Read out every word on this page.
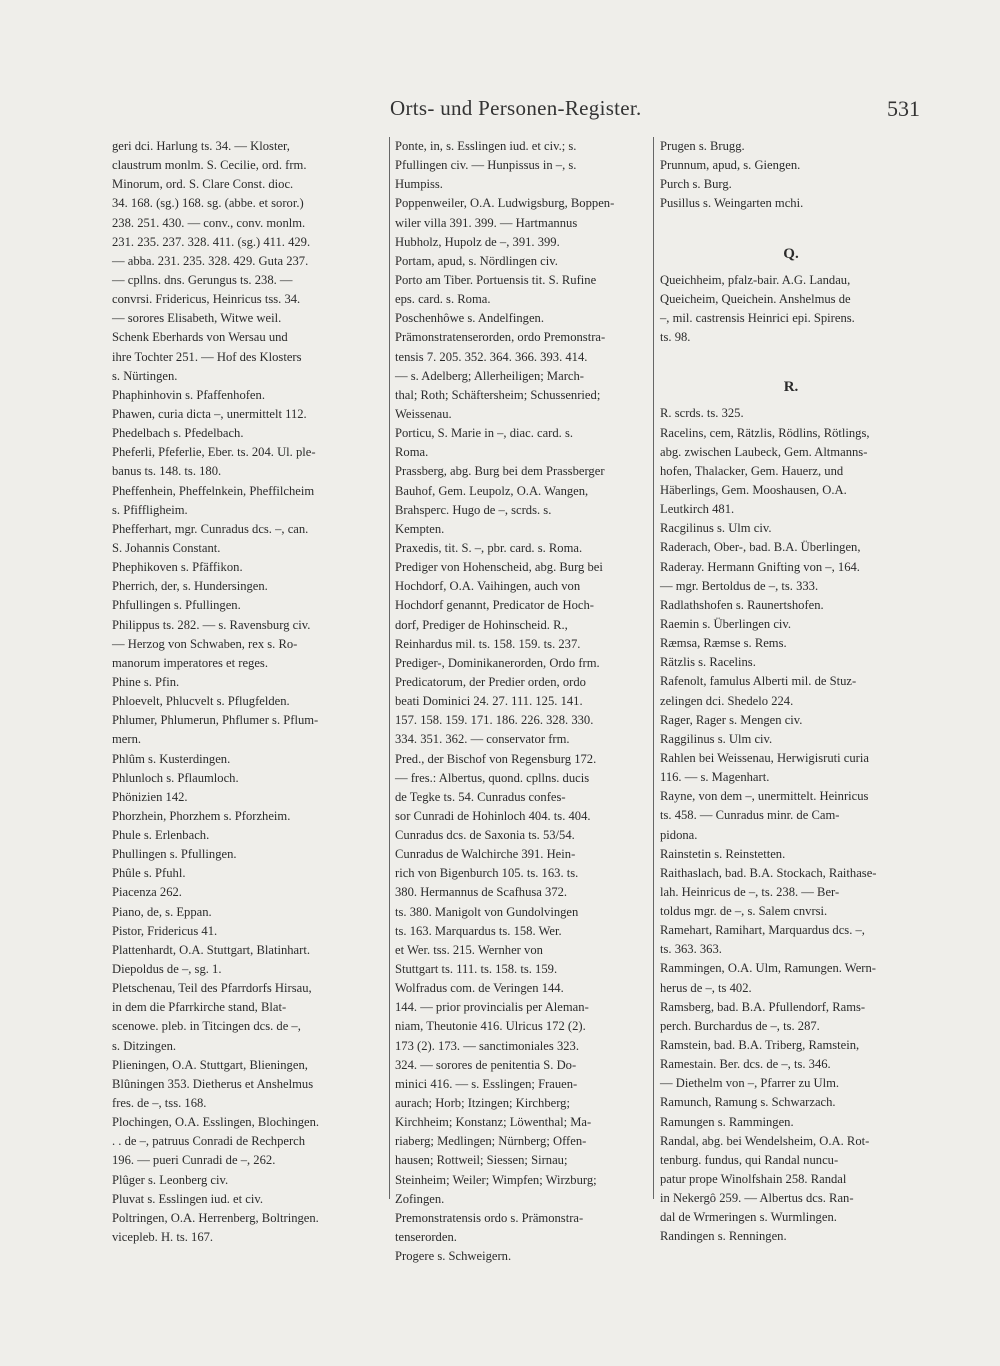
Orts- und Personen-Register.	531
geri dci. Harlung ts. 34. — Kloster,
claustrum monlm. S. Cecilie, ord. frm.
Minorum, ord. S. Clare Const. dioc.
34. 168. (sg.) 168. sg. (abbe. et soror.)
238. 251. 430. — conv., conv. monlm.
231. 235. 237. 328. 411. (sg.) 411. 429.
— abba. 231. 235. 328. 429. Guta 237.
— cpllns. dns. Gerungus ts. 238. —
convrsi. Fridericus, Heinricus tss. 34.
— sorores Elisabeth, Witwe weil.
Schenk Eberhards von Wersau und
ihre Tochter 251. — Hof des Klosters
s. Nürtingen.
Phaphinhovin s. Pfaffenhofen.
Phawen, curia dicta –, unermittelt 112.
Phedelbach s. Pfedelbach.
Pheferli, Pfeferlie, Eber. ts. 204. Ul. ple-
banus ts. 148. ts. 180.
Pheffenhein, Pheffelnkein, Pheffilcheim
s. Pfiffligheim.
Phefferhart, mgr. Cunradus dcs. –, can.
S. Johannis Constant.
Phephikoven s. Pfäffikon.
Pherrich, der, s. Hundersingen.
Phfullingen s. Pfullingen.
Philippus ts. 282. — s. Ravensburg civ.
— Herzog von Schwaben, rex s. Ro-
manorum imperatores et reges.
Phine s. Pfin.
Phloevelt, Phlucvelt s. Pflugfelden.
Phlumer, Phlumerun, Phflumer s. Pflum-
mern.
Phlûm s. Kusterdingen.
Phlunloch s. Pflaumloch.
Phönizien 142.
Phorzhein, Phorzhem s. Pforzheim.
Phule s. Erlenbach.
Phullingen s. Pfullingen.
Phûle s. Pfuhl.
Piacenza 262.
Piano, de, s. Eppan.
Pistor, Fridericus 41.
Plattenhardt, O.A. Stuttgart, Blatinhart.
Diepoldus de –, sg. 1.
Pletschenau, Teil des Pfarrdorfs Hirsau,
in dem die Pfarrkirche stand, Blat-
scenowe. pleb. in Titcingen dcs. de –,
s. Ditzingen.
Plieningen, O.A. Stuttgart, Blieningen,
Blûningen 353. Dietherus et Anshelmus
fres. de –, tss. 168.
Plochingen, O.A. Esslingen, Blochingen.
. . de –, patruus Conradi de Rechperch
196. — pueri Cunradi de –, 262.
Plûger s. Leonberg civ.
Pluvat s. Esslingen iud. et civ.
Poltringen, O.A. Herrenberg, Boltringen.
vicepleb. H. ts. 167.
Ponte, in, s. Esslingen iud. et civ.; s.
Pfullingen civ. — Hunpissus in –, s.
Humpiss.
Poppenweiler, O.A. Ludwigsburg, Boppen-
wiler villa 391. 399. — Hartmannus
Hubholz, Hupolz de –, 391. 399.
Portam, apud, s. Nördlingen civ.
Porto am Tiber. Portuensis tit. S. Rufine
eps. card. s. Roma.
Poschenhôwe s. Andelfingen.
Prämonstratenserorden, ordo Premonstra-
tensis 7. 205. 352. 364. 366. 393. 414.
— s. Adelberg; Allerheiligen; March-
thal; Roth; Schäftersheim; Schussenried;
Weissenau.
Porticu, S. Marie in –, diac. card. s.
Roma.
Prassberg, abg. Burg bei dem Prassberger
Bauhof, Gem. Leupolz, O.A. Wangen,
Brahsperc. Hugo de –, scrds. s.
Kempten.
Praxedis, tit. S. –, pbr. card. s. Roma.
Prediger von Hohenscheid, abg. Burg bei
Hochdorf, O.A. Vaihingen, auch von
Hochdorf genannt, Predicator de Hoch-
dorf, Prediger de Hohinscheid. R.,
Reinhardus mil. ts. 158. 159. ts. 237.
Prediger-, Dominikanerorden, Ordo frm.
Predicatorum, der Predier orden, ordo
beati Dominici 24. 27. 111. 125. 141.
157. 158. 159. 171. 186. 226. 328. 330.
334. 351. 362. — conservator frm.
Pred., der Bischof von Regensburg 172.
— fres.: Albertus, quond. cpllns. ducis
de Tegke ts. 54. Cunradus confes-
sor Cunradi de Hohinloch 404. ts. 404.
Cunradus dcs. de Saxonia ts. 53/54.
Cunradus de Walchirche 391. Hein-
rich von Bigenburch 105. ts. 163. ts.
380. Hermannus de Scafhusa 372.
ts. 380. Manigolt von Gundolvingen
ts. 163. Marquardus ts. 158. Wer.
et Wer. tss. 215. Wernher von
Stuttgart ts. 111. ts. 158. ts. 159.
Wolfradus com. de Veringen 144.
144. — prior provincialis per Aleman-
niam, Theutonie 416. Ulricus 172 (2).
173 (2). 173. — sanctimoniales 323.
324. — sorores de penitentia S. Do-
minici 416. — s. Esslingen; Frauen-
aurach; Horb; Itzingen; Kirchberg;
Kirchheim; Konstanz; Löwenthal; Ma-
riaberg; Medlingen; Nürnberg; Offen-
hausen; Rottweil; Siessen; Sirnau;
Steinheim; Weiler; Wimpfen; Wirzburg;
Zofingen.
Premonstratensis ordo s. Prämonstra-
tenserorden.
Progere s. Schweigern.
Prugen s. Brugg.
Prunnum, apud, s. Giengen.
Purch s. Burg.
Pusillus s. Weingarten mchi.
Q.
Queichheim, pfalz-bair. A.G. Landau,
Queicheim, Queichein. Anshelmus de
–, mil. castrensis Heinrici epi. Spirens.
ts. 98.
R.
R. scrds. ts. 325.
Racelins, cem, Rätzlis, Rödlins, Rötlings,
abg. zwischen Laubeck, Gem. Altmanns-
hofen, Thalacker, Gem. Hauerz, und
Häberlings, Gem. Mooshausen, O.A.
Leutkirch 481.
Racgilinus s. Ulm civ.
Raderach, Ober-, bad. B.A. Überlingen,
Raderay. Hermann Gnifting von –, 164.
— mgr. Bertoldus de –, ts. 333.
Radlathshofen s. Raunertshofen.
Raemin s. Überlingen civ.
Ræmsa, Ræmse s. Rems.
Rätzlis s. Racelins.
Rafenolt, famulus Alberti mil. de Stuz-
zelingen dci. Shedelo 224.
Rager, Rager s. Mengen civ.
Raggilinus s. Ulm civ.
Rahlen bei Weissenau, Herwigisruti curia
116. — s. Magenhart.
Rayne, von dem –, unermittelt. Heinricus
ts. 458. — Cunradus minr. de Cam-
pidona.
Rainstetin s. Reinstetten.
Raithaslach, bad. B.A. Stockach, Raithase-
lah. Heinricus de –, ts. 238. — Ber-
toldus mgr. de –, s. Salem cnvrsi.
Ramehart, Ramihart, Marquardus dcs. –,
ts. 363. 363.
Rammingen, O.A. Ulm, Ramungen. Wern-
herus de –, ts 402.
Ramsberg, bad. B.A. Pfullendorf, Rams-
perch. Burchardus de –, ts. 287.
Ramstein, bad. B.A. Triberg, Ramstein,
Ramestain. Ber. dcs. de –, ts. 346.
— Diethelm von –, Pfarrer zu Ulm.
Ramunch, Ramung s. Schwarzach.
Ramungen s. Rammingen.
Randal, abg. bei Wendelsheim, O.A. Rot-
tenburg. fundus, qui Randal nuncu-
patur prope Winolfshain 258. Randal
in Nekergô 259. — Albertus dcs. Ran-
dal de Wrmeringen s. Wurmlingen.
Randingen s. Renningen.
